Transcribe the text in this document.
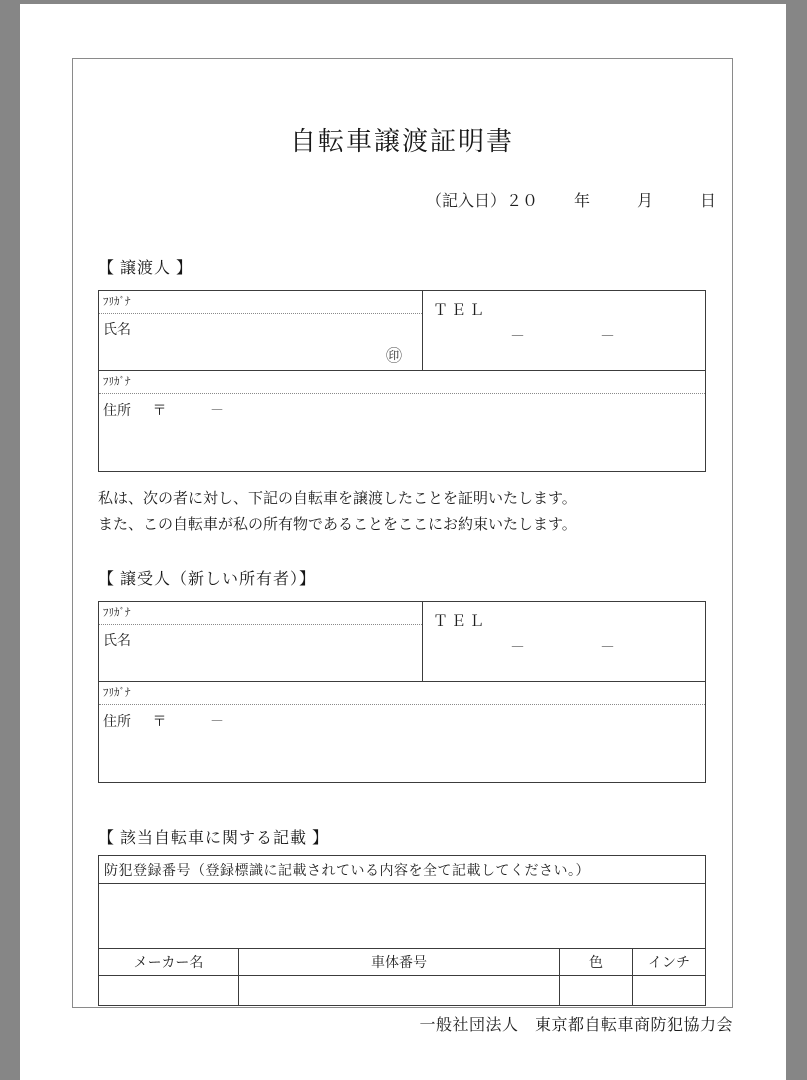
自転車譲渡証明書
（記入日）２０ 年	月	日
【 譲渡人 】
ﾌﾘｶﾞﾅ
氏名
㊞
ＴＥＬ
－	－
ﾌﾘｶﾞﾅ
住所 〒	－
私は、次の者に対し、下記の自転車を譲渡したことを証明いたします。
また、この自転車が私の所有物であることをここにお約束いたします。
【 譲受人（新しい所有者）】
ﾌﾘｶﾞﾅ
氏名
ＴＥＬ
－	－
ﾌﾘｶﾞﾅ
住所 〒	－
【 該当自転車に関する記載 】
防犯登録番号（登録標識に記載されている内容を全て記載してください。）
メーカー名	車体番号	色	インチ
一般社団法人　東京都自転車商防犯協力会
